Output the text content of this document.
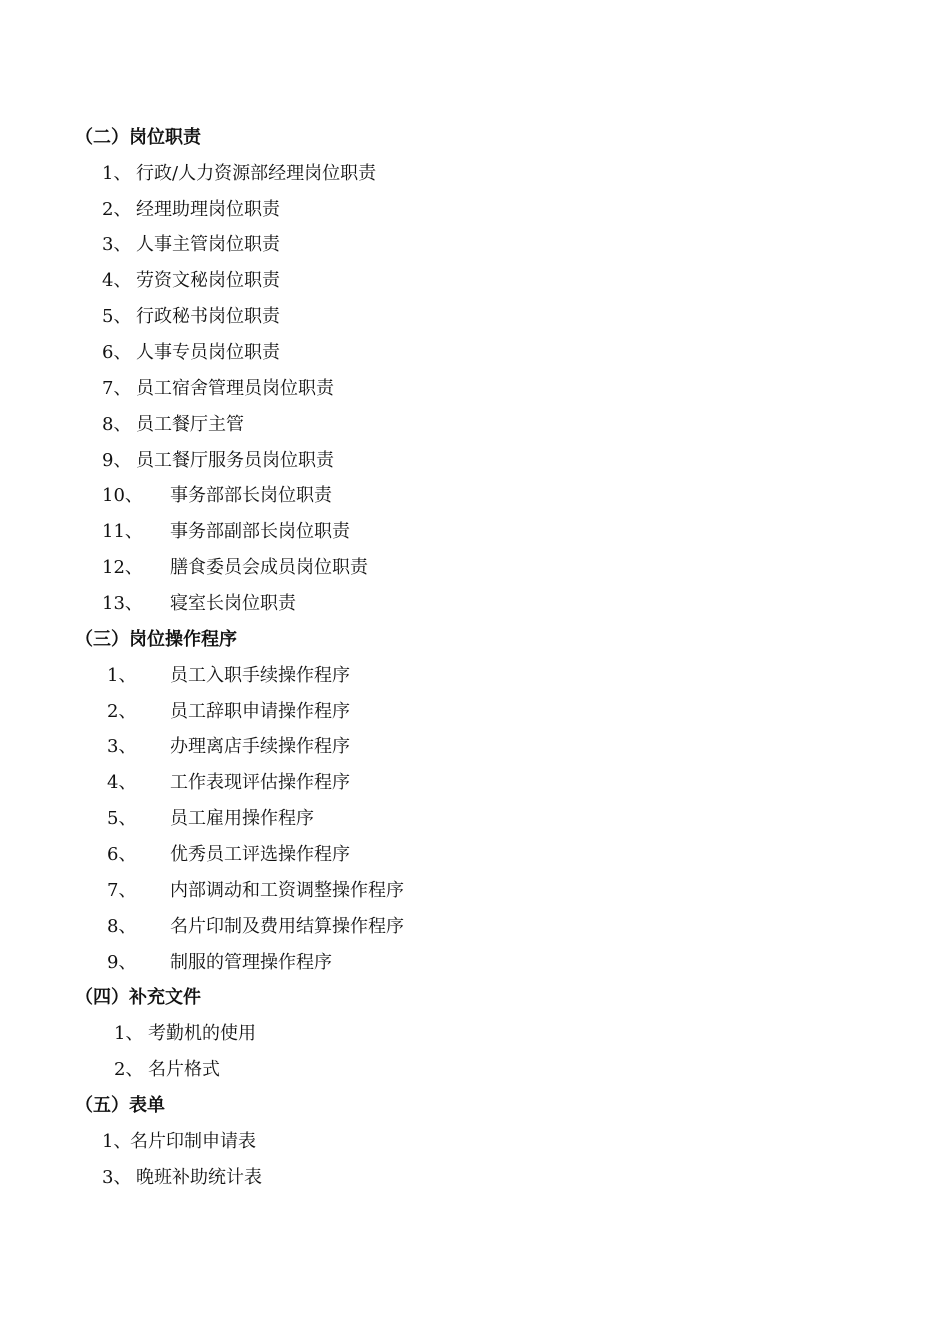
（二）岗位职责
1、 行政/人力资源部经理岗位职责
2、 经理助理岗位职责
3、 人事主管岗位职责
4、 劳资文秘岗位职责
5、 行政秘书岗位职责
6、 人事专员岗位职责
7、 员工宿舍管理员岗位职责
8、 员工餐厅主管
9、 员工餐厅服务员岗位职责
10、 事务部部长岗位职责
11、 事务部副部长岗位职责
12、 膳食委员会成员岗位职责
13、 寝室长岗位职责
（三）岗位操作程序
1、 员工入职手续操作程序
2、 员工辞职申请操作程序
3、 办理离店手续操作程序
4、 工作表现评估操作程序
5、 员工雇用操作程序
6、 优秀员工评选操作程序
7、 内部调动和工资调整操作程序
8、 名片印制及费用结算操作程序
9、 制服的管理操作程序
（四）补充文件
1、 考勤机的使用
2、 名片格式
（五）表单
1、名片印制申请表
3、 晚班补助统计表
